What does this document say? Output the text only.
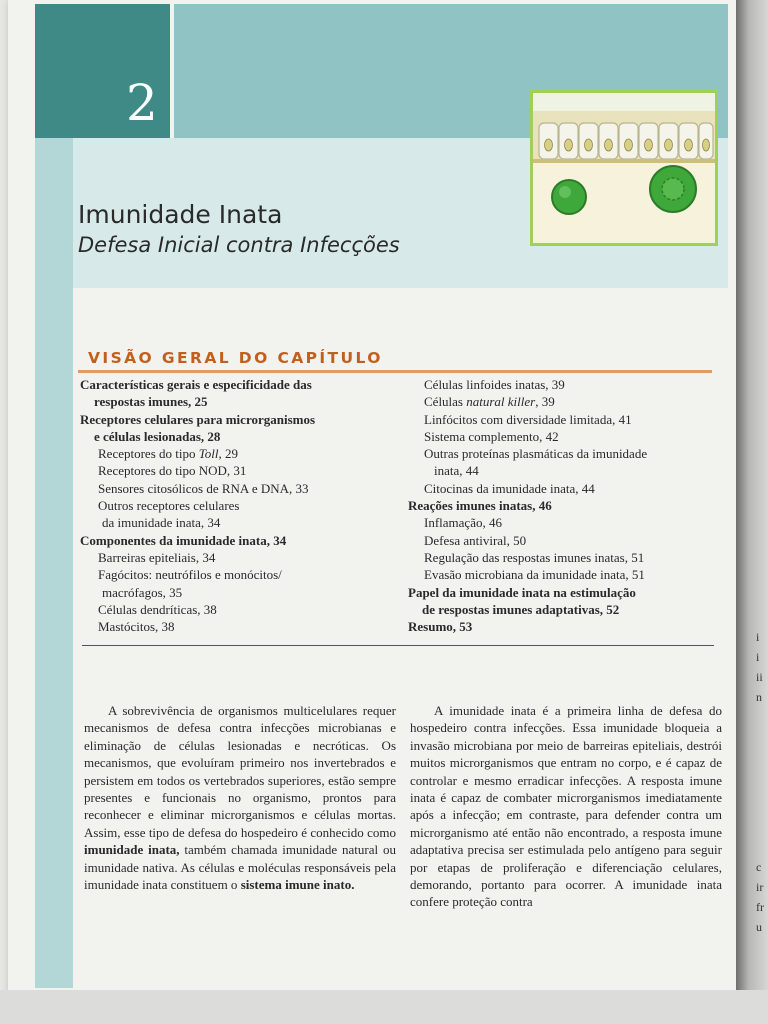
i
i
ii
n
c
ir
fr
u
2
Imunidade Inata
Defesa Inicial contra Infecções
VISÃO GERAL DO CAPÍTULO
Características gerais e especificidade das
respostas imunes, 25
Receptores celulares para microrganismos
e células lesionadas, 28
Receptores do tipo Toll, 29
Receptores do tipo NOD, 31
Sensores citosólicos de RNA e DNA, 33
Outros receptores celulares
da imunidade inata, 34
Componentes da imunidade inata, 34
Barreiras epiteliais, 34
Fagócitos: neutrófilos e monócitos/
macrófagos, 35
Células dendríticas, 38
Mastócitos, 38
Células linfoides inatas, 39
Células natural killer, 39
Linfócitos com diversidade limitada, 41
Sistema complemento, 42
Outras proteínas plasmáticas da imunidade
inata, 44
Citocinas da imunidade inata, 44
Reações imunes inatas, 46
Inflamação, 46
Defesa antiviral, 50
Regulação das respostas imunes inatas, 51
Evasão microbiana da imunidade inata, 51
Papel da imunidade inata na estimulação
de respostas imunes adaptativas, 52
Resumo, 53

A sobrevivência de organismos multicelulares requer mecanismos de defesa contra infecções microbianas e eliminação de células lesionadas e necróticas. Os mecanismos, que evoluíram primeiro nos invertebrados e persistem em todos os vertebrados superiores, estão sempre presentes e funcionais no organismo, prontos para reconhecer e eliminar microrganismos e células mortas. Assim, esse tipo de defesa do hospedeiro é conhecido como imunidade inata, também chamada imunidade natural ou imunidade nativa. As células e moléculas responsáveis pela imunidade inata constituem o sistema imune inato.

A imunidade inata é a primeira linha de defesa do hospedeiro contra infecções. Essa imunidade bloqueia a invasão microbiana por meio de barreiras epiteliais, destrói muitos microrganismos que entram no corpo, e é capaz de controlar e mesmo erradicar infecções. A resposta imune inata é capaz de combater microrganismos imediatamente após a infecção; em contraste, para defender contra um microrganismo até então não encontrado, a resposta imune adaptativa precisa ser estimulada pelo antígeno para seguir por etapas de proliferação e diferenciação celulares, demorando, portanto para ocorrer. A imunidade inata confere proteção contra
